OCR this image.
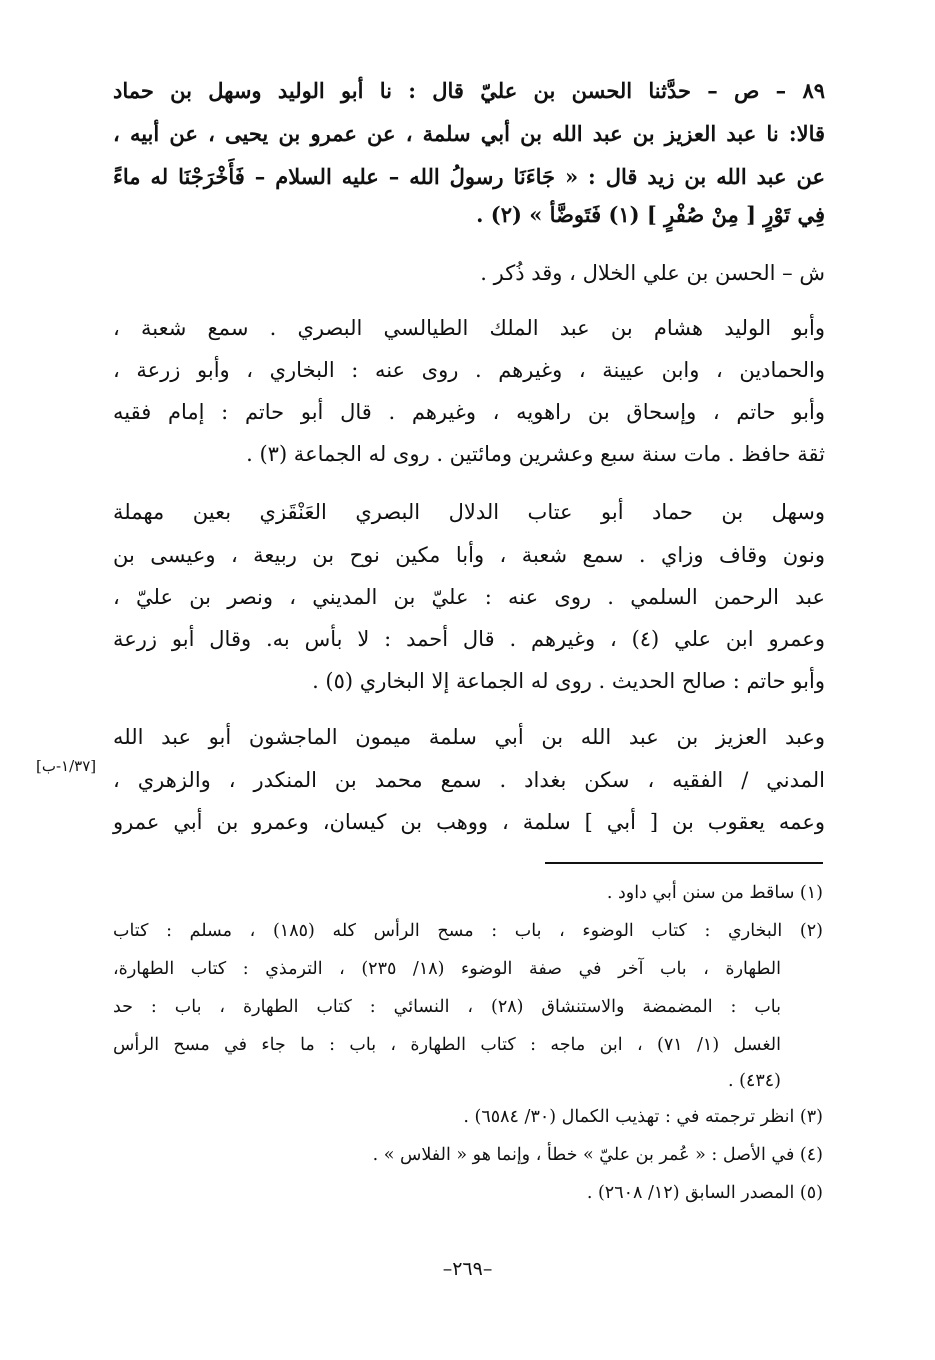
٨٩ – ص – حدَّثنا الحسن بن عليّ قال : نا أبو الوليد وسهل بن حماد
قالا: نا عبد العزيز بن عبد الله بن أبي سلمة ، عن عمرو بن يحيى ، عن أبيه ،
عن عبد الله بن زيد قال : « جَاءَنَا رسولُ الله – عليه السلام – فَأَخْرَجْنَا له ماءً
فِي تَوْرٍ [ مِنْ صُفْرٍ ] (١) فَتَوضَّأ » (٢) .
ش – الحسن بن علي الخلال ، وقد ذُكر .
وأبو الوليد هشام بن عبد الملك الطيالسي البصري . سمع شعبة ،
والحمادين ، وابن عيينة ، وغيرهم . روى عنه : البخاري ، وأبو زرعة ،
وأبو حاتم ، وإسحاق بن راهويه ، وغيرهم . قال أبو حاتم : إمام فقيه
ثقة حافظ . مات سنة سبع وعشرين ومائتين . روى له الجماعة (٣) .
وسهل بن حماد أبو عتاب الدلال البصري العَنْقَزي بعين مهملة
ونون وقاف وزاي . سمع شعبة ، وأبا مكين نوح بن ربيعة ، وعيسى بن
عبد الرحمن السلمي . روى عنه : عليّ بن المديني ، ونصر بن عليّ ،
وعمرو ابن علي (٤) ، وغيرهم . قال أحمد : لا بأس به. وقال أبو زرعة
وأبو حاتم : صالح الحديث . روى له الجماعة إلا البخاري (٥) .
وعبد العزيز بن عبد الله بن أبي سلمة ميمون الماجشون أبو عبد الله
المدني / الفقيه ، سكن بغداد . سمع محمد بن المنكدر ، والزهري ،
وعمه يعقوب بن [ أبي ] سلمة ، ووهب بن كيسان، وعمرو بن أبي عمرو
[١/٣٧-ب]
(١) ساقط من سنن أبي داود .
(٢) البخاري : كتاب الوضوء ، باب : مسح الرأس كله (١٨٥) ، مسلم : كتاب
الطهارة ، باب آخر في صفة الوضوء (١٨/ ٢٣٥) ، الترمذي : كتاب الطهارة،
باب : المضمضة والاستنشاق (٢٨) ، النسائي : كتاب الطهارة ، باب : حد
الغسل (١/ ٧١) ، ابن ماجه : كتاب الطهارة ، باب : ما جاء في مسح الرأس
(٤٣٤) .
(٣) انظر ترجمته في : تهذيب الكمال (٣٠/ ٦٥٨٤) .
(٤) في الأصل : « عُمر بن عليّ » خطأ ، وإنما هو « الفلاس » .
(٥) المصدر السابق (١٢/ ٢٦٠٨) .
–٢٦٩–
